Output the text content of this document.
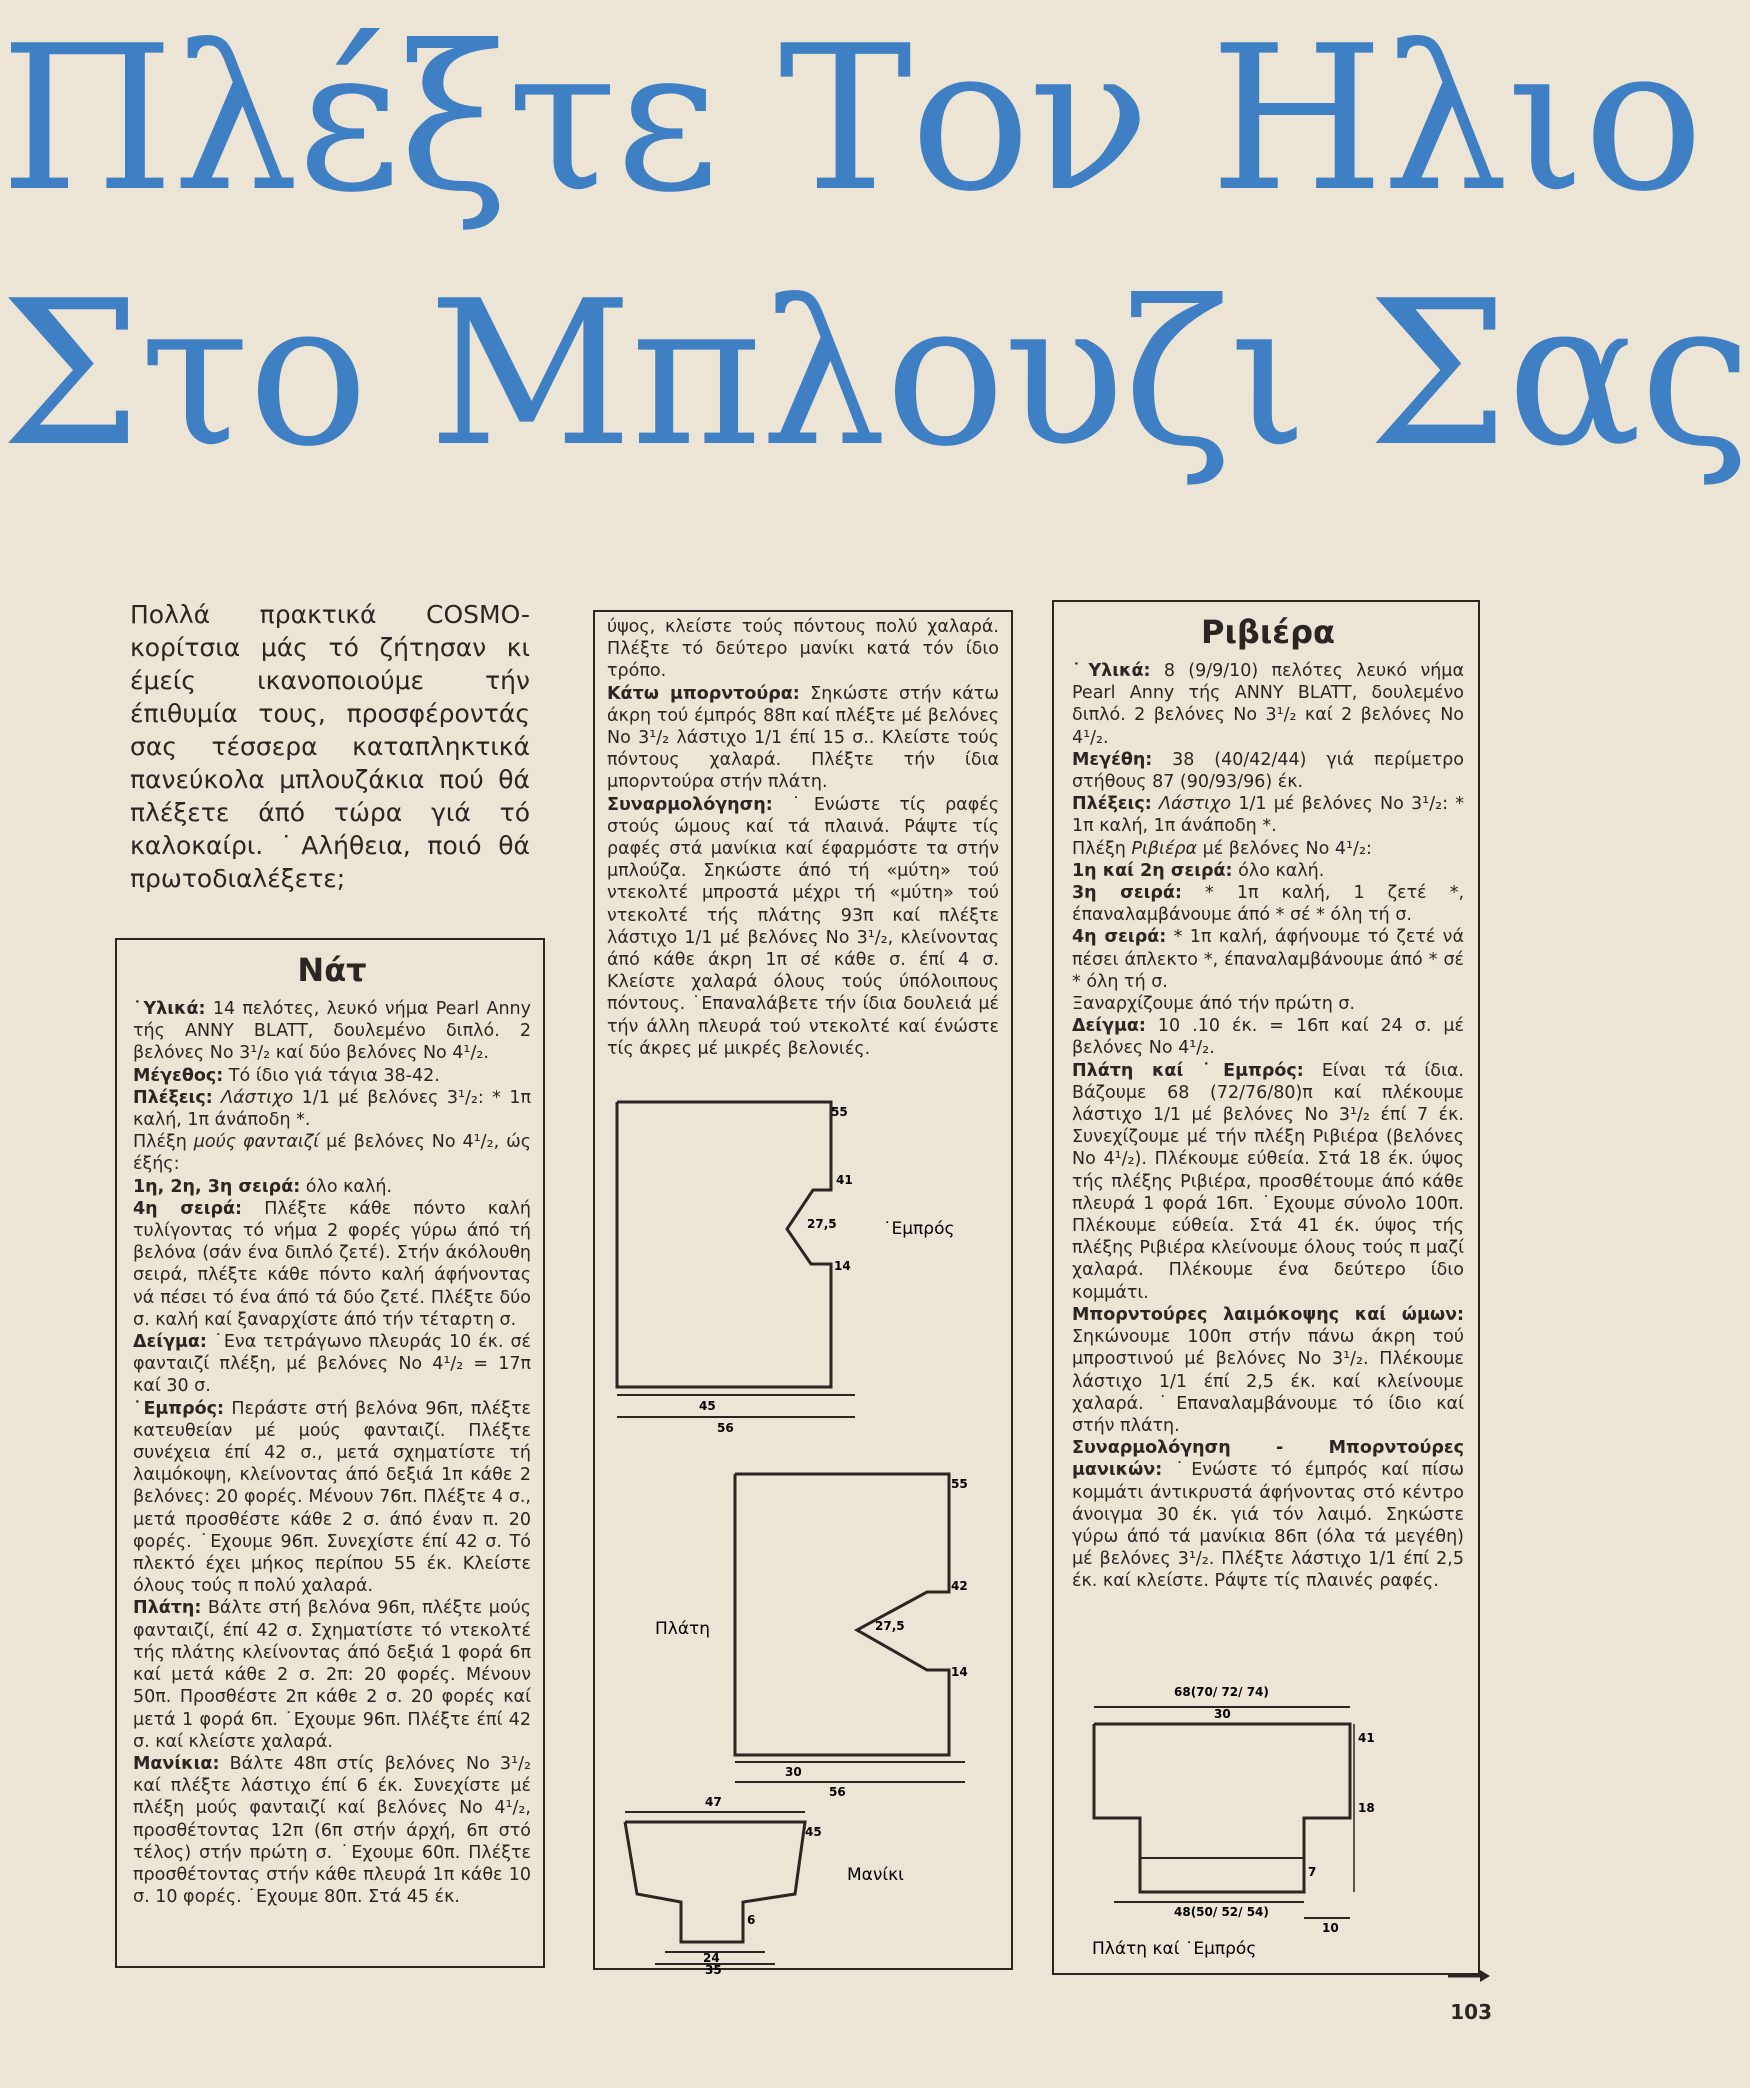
Πλέξτε Τον Ηλιο
Στο Μπλουζι Σας

Πολλά πρακτικά COSMO-κορίτσια μάς τό ζήτησαν κι έμείς ικανοποιούμε τήν έπιθυμία τους, προσφέροντάς σας τέσσερα καταπληκτικά πανεύκολα μπλουζάκια πού θά πλέξετε άπό τώρα γιά τό καλοκαίρι. ˙Αλήθεια, ποιό θά πρωτοδιαλέξετε;

Νάτ

˙Υλικά: 14 πελότες, λευκό νήμα Pearl Anny τής ANNY BLATT, δουλεμένο διπλό. 2 βελόνες Νο 3¹/₂ καί δύο βελόνες Νο 4¹/₂.

Μέγεθος: Τό ίδιο γιά τάγια 38-42.

Πλέξεις: Λάστιχο 1/1 μέ βελόνες 3¹/₂: * 1π καλή, 1π άνάποδη *.

Πλέξη μούς φανταιζί μέ βελόνες Νο 4¹/₂, ώς έξής:

1η, 2η, 3η σειρά: όλο καλή.

4η σειρά: Πλέξτε κάθε πόντο καλή τυλίγοντας τό νήμα 2 φορές γύρω άπό τή βελόνα (σάν ένα διπλό ζετέ). Στήν άκόλουθη σειρά, πλέξτε κάθε πόντο καλή άφήνοντας νά πέσει τό ένα άπό τά δύο ζετέ. Πλέξτε δύο σ. καλή καί ξαναρχίστε άπό τήν τέταρτη σ.

Δείγμα: ˙Ενα τετράγωνο πλευράς 10 έκ. σέ φανταιζί πλέξη, μέ βελόνες Νο 4¹/₂ = 17π καί 30 σ.

˙Εμπρός: Περάστε στή βελόνα 96π, πλέξτε κατευθείαν μέ μούς φανταιζί. Πλέξτε συνέχεια έπί 42 σ., μετά σχηματίστε τή λαιμόκοψη, κλείνοντας άπό δεξιά 1π κάθε 2 βελόνες: 20 φορές. Μένουν 76π. Πλέξτε 4 σ., μετά προσθέστε κάθε 2 σ. άπό έναν π. 20 φορές. ˙Εχουμε 96π. Συνεχίστε έπί 42 σ. Τό πλεκτό έχει μήκος περίπου 55 έκ. Κλείστε όλους τούς π πολύ χαλαρά.

Πλάτη: Βάλτε στή βελόνα 96π, πλέξτε μούς φανταιζί, έπί 42 σ. Σχηματίστε τό ντεκολτέ τής πλάτης κλείνοντας άπό δεξιά 1 φορά 6π καί μετά κάθε 2 σ. 2π: 20 φορές. Μένουν 50π. Προσθέστε 2π κάθε 2 σ. 20 φορές καί μετά 1 φορά 6π. ˙Εχουμε 96π. Πλέξτε έπί 42 σ. καί κλείστε χαλαρά.

Μανίκια: Βάλτε 48π στίς βελόνες Νο 3¹/₂ καί πλέξτε λάστιχο έπί 6 έκ. Συνεχίστε μέ πλέξη μούς φανταιζί καί βελόνες Νο 4¹/₂, προσθέτοντας 12π (6π στήν άρχή, 6π στό τέλος) στήν πρώτη σ. ˙Εχουμε 60π. Πλέξτε προσθέτοντας στήν κάθε πλευρά 1π κάθε 10 σ. 10 φορές. ˙Εχουμε 80π. Στά 45 έκ.

ύψος, κλείστε τούς πόντους πολύ χαλαρά. Πλέξτε τό δεύτερο μανίκι κατά τόν ίδιο τρόπο.

Κάτω μπορντούρα: Σηκώστε στήν κάτω άκρη τού έμπρός 88π καί πλέξτε μέ βελόνες Νο 3¹/₂ λάστιχο 1/1 έπί 15 σ.. Κλείστε τούς πόντους χαλαρά. Πλέξτε τήν ίδια μπορντούρα στήν πλάτη.

Συναρμολόγηση: ˙Ενώστε τίς ραφές στούς ώμους καί τά πλαινά. Ράψτε τίς ραφές στά μανίκια καί έφαρμόστε τα στήν μπλούζα. Σηκώστε άπό τή «μύτη» τού ντεκολτέ μπροστά μέχρι τή «μύτη» τού ντεκολτέ τής πλάτης 93π καί πλέξτε λάστιχο 1/1 μέ βελόνες Νο 3¹/₂, κλείνοντας άπό κάθε άκρη 1π σέ κάθε σ. έπί 4 σ. Κλείστε χαλαρά όλους τούς ύπόλοιπους πόντους. ˙Επαναλάβετε τήν ίδια δουλειά μέ τήν άλλη πλευρά τού ντεκολτέ καί ένώστε τίς άκρες μέ μικρές βελονιές.

55
41
27,5
14
45
56
˙Εμπρός
55
42
27,5
14
30
56
Πλάτη
47
45
6
24
35
Μανίκι
Ριβιέρα

˙Υλικά: 8 (9/9/10) πελότες λευκό νήμα Pearl Anny τής ANNY BLATT, δουλεμένο διπλό. 2 βελόνες Νο 3¹/₂ καί 2 βελόνες Νο 4¹/₂.

Μεγέθη: 38 (40/42/44) γιά περίμετρο στήθους 87 (90/93/96) έκ.

Πλέξεις: Λάστιχο 1/1 μέ βελόνες Νο 3¹/₂: * 1π καλή, 1π άνάποδη *.

Πλέξη Ριβιέρα μέ βελόνες Νο 4¹/₂:

1η καί 2η σειρά: όλο καλή.

3η σειρά: * 1π καλή, 1 ζετέ *, έπαναλαμβάνουμε άπό * σέ * όλη τή σ.

4η σειρά: * 1π καλή, άφήνουμε τό ζετέ νά πέσει άπλεκτο *, έπαναλαμβάνουμε άπό * σέ * όλη τή σ.

Ξαναρχίζουμε άπό τήν πρώτη σ.

Δείγμα: 10 .10 έκ. = 16π καί 24 σ. μέ βελόνες Νο 4¹/₂.

Πλάτη καί ˙Εμπρός: Είναι τά ίδια. Βάζουμε 68 (72/76/80)π καί πλέκουμε λάστιχο 1/1 μέ βελόνες Νο 3¹/₂ έπί 7 έκ. Συνεχίζουμε μέ τήν πλέξη Ριβιέρα (βελόνες Νο 4¹/₂). Πλέκουμε εύθεία. Στά 18 έκ. ύψος τής πλέξης Ριβιέρα, προσθέτουμε άπό κάθε πλευρά 1 φορά 16π. ˙Εχουμε σύνολο 100π. Πλέκουμε εύθεία. Στά 41 έκ. ύψος τής πλέξης Ριβιέρα κλείνουμε όλους τούς π μαζί χαλαρά. Πλέκουμε ένα δεύτερο ίδιο κομμάτι.

Μπορντούρες λαιμόκοψης καί ώμων: Σηκώνουμε 100π στήν πάνω άκρη τού μπροστινού μέ βελόνες Νο 3¹/₂. Πλέκουμε λάστιχο 1/1 έπί 2,5 έκ. καί κλείνουμε χαλαρά. ˙Επαναλαμβάνουμε τό ίδιο καί στήν πλάτη.

Συναρμολόγηση - Μπορντούρες μανικών: ˙Ενώστε τό έμπρός καί πίσω κομμάτι άντικρυστά άφήνοντας στό κέντρο άνοιγμα 30 έκ. γιά τόν λαιμό. Σηκώστε γύρω άπό τά μανίκια 86π (όλα τά μεγέθη) μέ βελόνες 3¹/₂. Πλέξτε λάστιχο 1/1 έπί 2,5 έκ. καί κλείστε. Ράψτε τίς πλαινές ραφές.

68(70/ 72/ 74)
30
41
18
7
48(50/ 52/ 54)
10
Πλάτη καί ˙Εμπρός
103
